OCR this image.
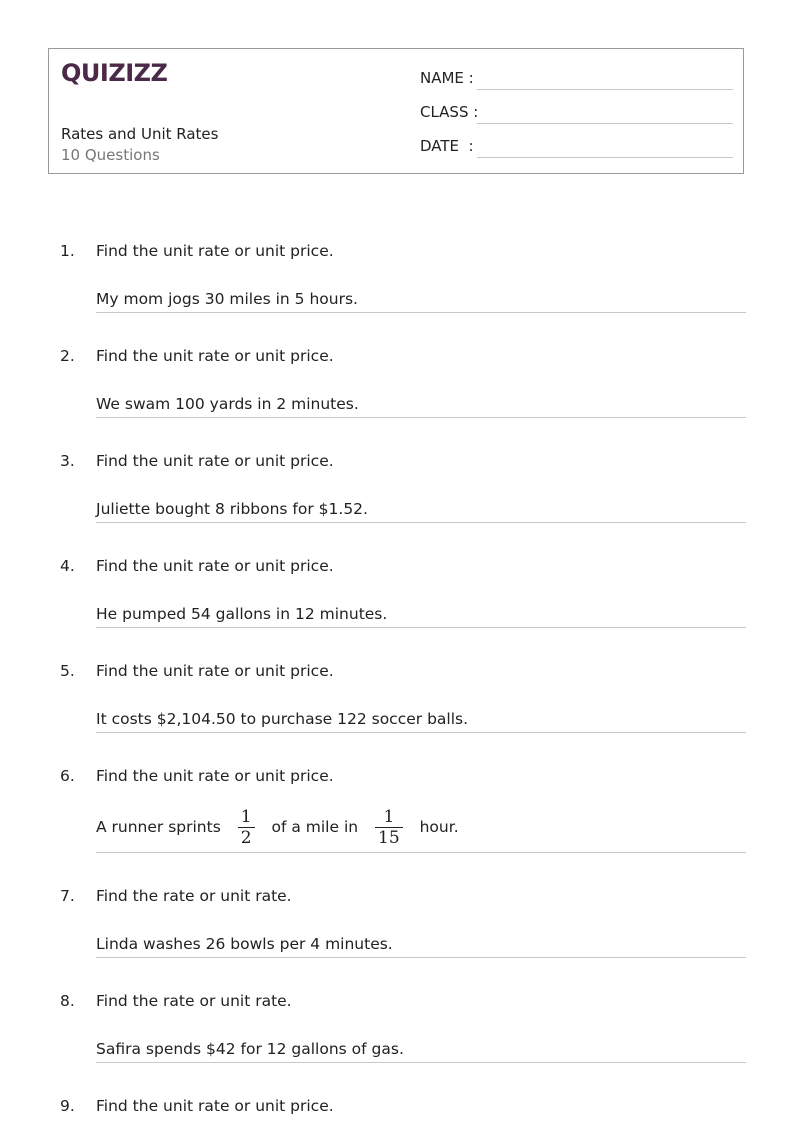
QUIZIZZ
Rates and Unit Rates
10 Questions
NAME :
CLASS :
DATE  :
1. Find the unit rate or unit price.
My mom jogs 30 miles in 5 hours.
2. Find the unit rate or unit price.
We swam 100 yards in 2 minutes.
3. Find the unit rate or unit price.
Juliette bought 8 ribbons for $1.52.
4. Find the unit rate or unit price.
He pumped 54 gallons in 12 minutes.
5. Find the unit rate or unit price.
It costs $2,104.50 to purchase 122 soccer balls.
6. Find the unit rate or unit price.
A runner sprints $\frac{1}{2}$ of a mile in $\frac{1}{15}$ hour.
7. Find the rate or unit rate.
Linda washes 26 bowls per 4 minutes.
8. Find the rate or unit rate.
Safira spends $42 for 12 gallons of gas.
9. Find the unit rate or unit price.
